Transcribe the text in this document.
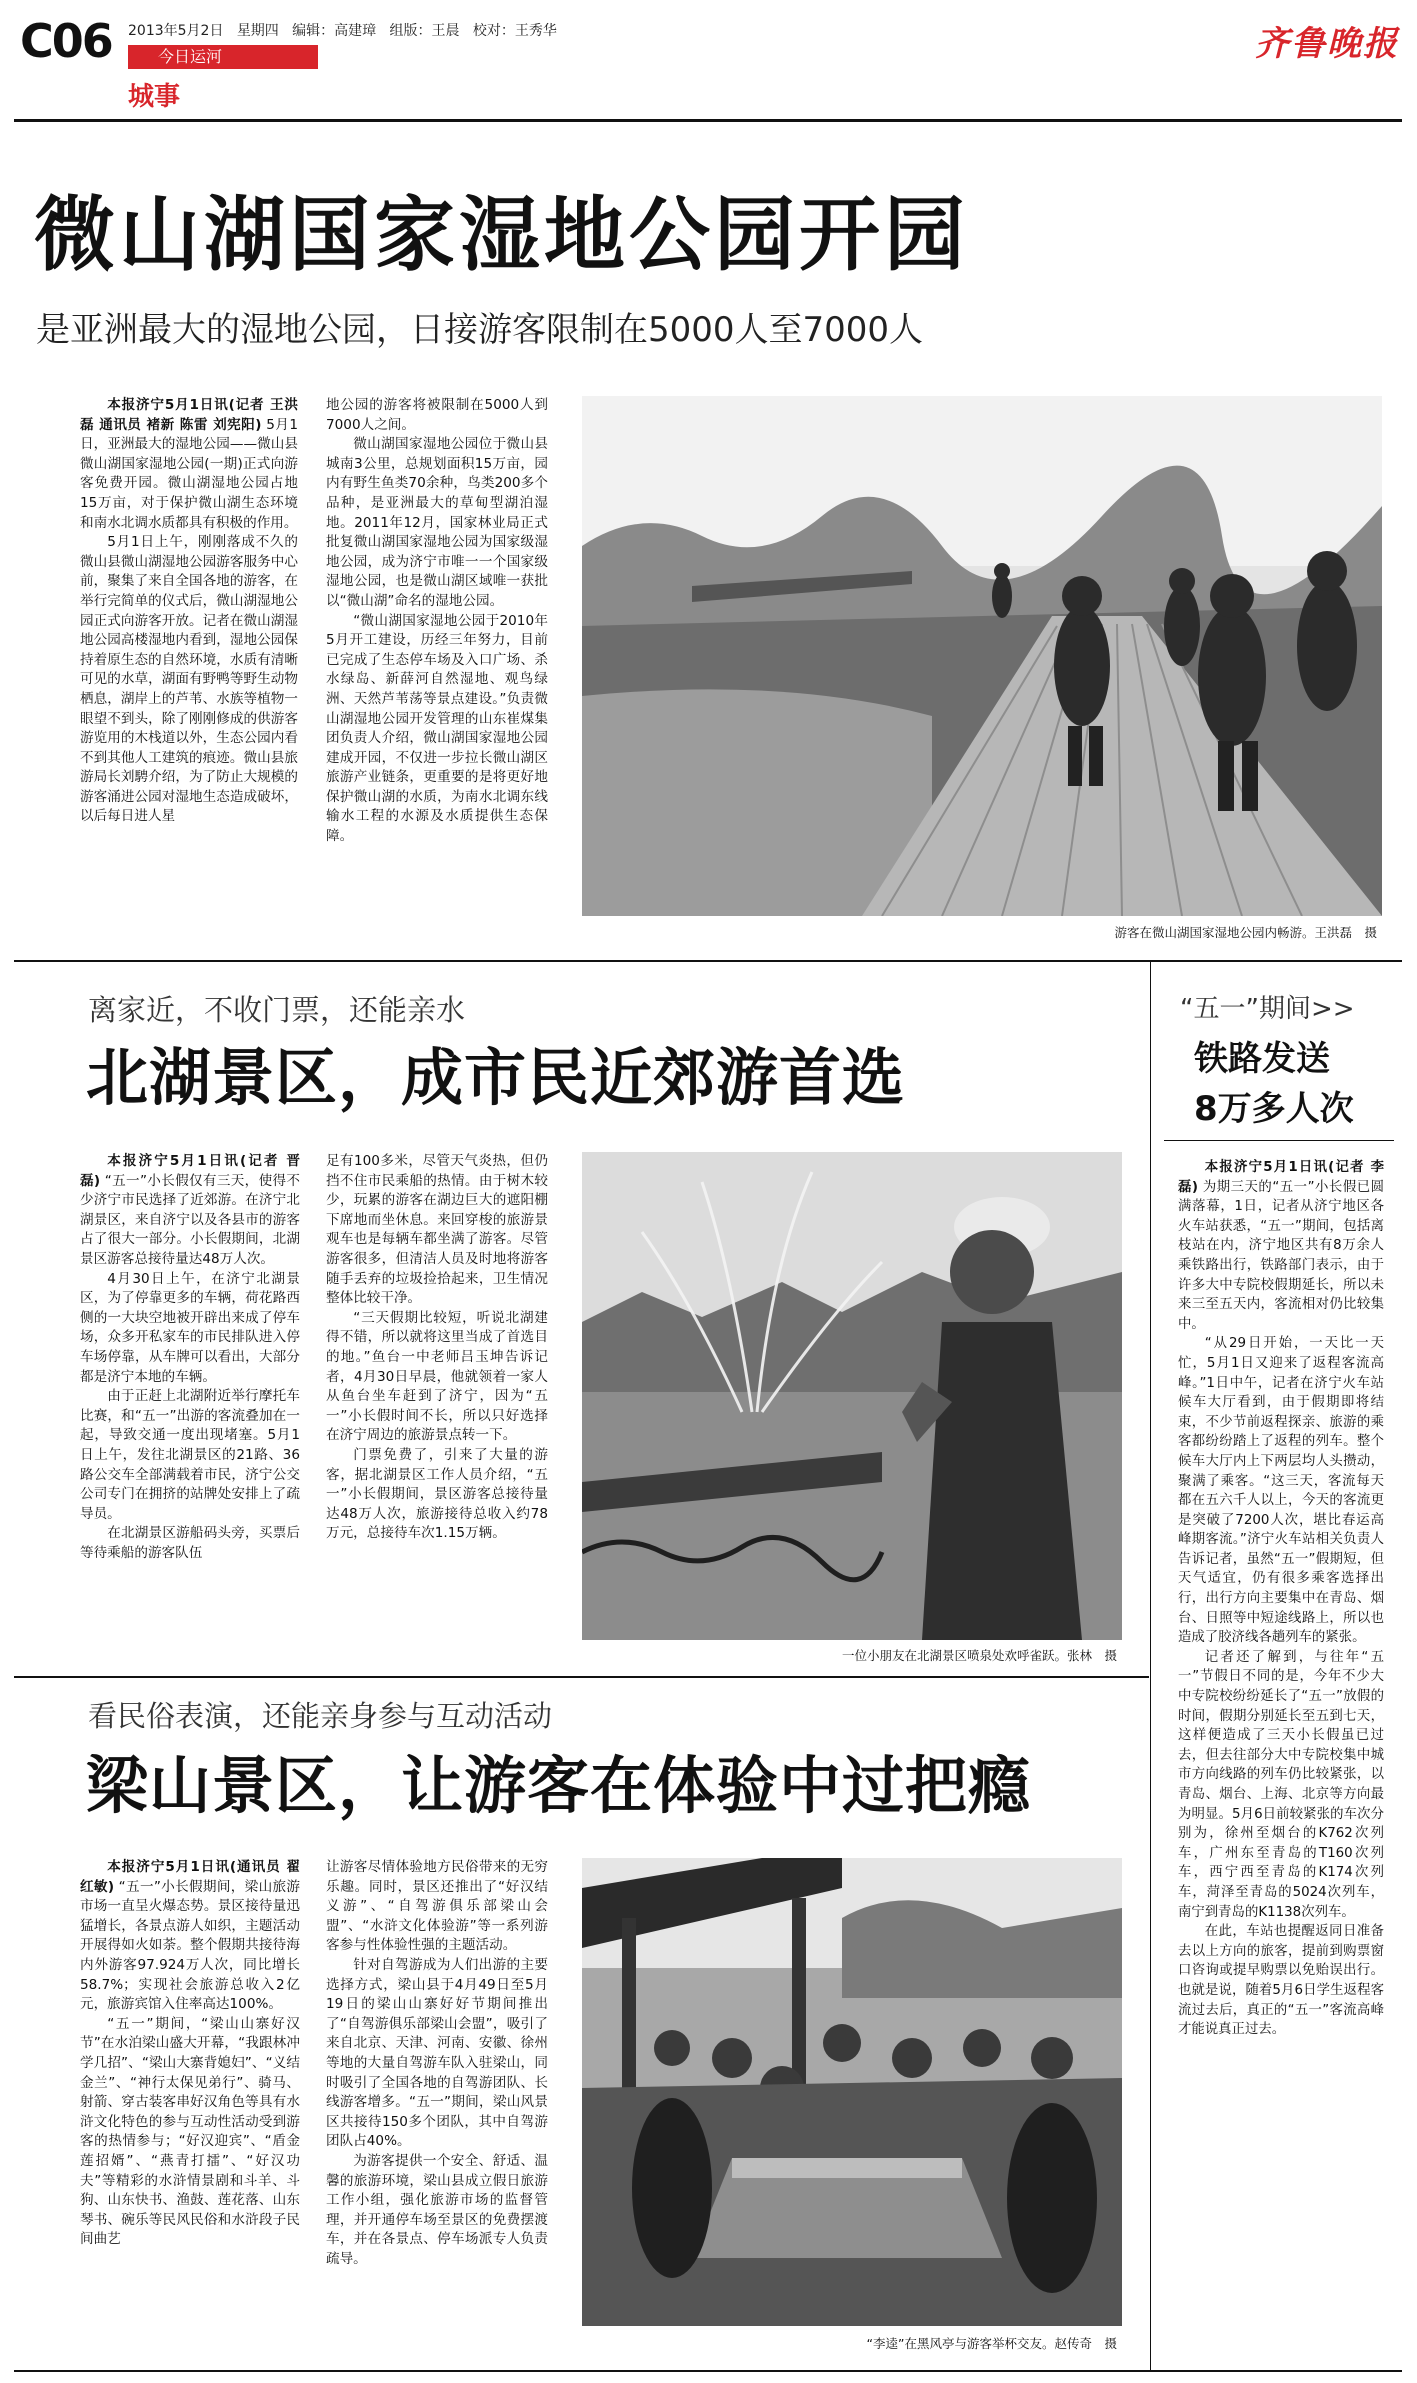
C06 2013年5月2日 星期四 编辑：高建璋 组版：王晨 校对：王秀华
今日运河
城事
齐鲁晚报
微山湖国家湿地公园开园
是亚洲最大的湿地公园，日接游客限制在5000人至7000人

本报济宁5月1日讯(记者 王洪磊 通讯员 褚新 陈雷 刘宪阳) 5月1日，亚洲最大的湿地公园——微山县微山湖国家湿地公园(一期)正式向游客免费开园。微山湖湿地公园占地15万亩，对于保护微山湖生态环境和南水北调水质都具有积极的作用。

5月1日上午，刚刚落成不久的微山县微山湖湿地公园游客服务中心前，聚集了来自全国各地的游客，在举行完简单的仪式后，微山湖湿地公园正式向游客开放。记者在微山湖湿地公园高楼湿地内看到，湿地公园保持着原生态的自然环境，水质有清晰可见的水草，湖面有野鸭等野生动物栖息，湖岸上的芦苇、水族等植物一眼望不到头，除了刚刚修成的供游客游览用的木栈道以外，生态公园内看不到其他人工建筑的痕迹。微山县旅游局长刘騁介绍，为了防止大规模的游客涌进公园对湿地生态造成破坏，以后每日进人星

地公园的游客将被限制在5000人到7000人之间。

微山湖国家湿地公园位于微山县城南3公里，总规划面积15万亩，园内有野生鱼类70余种，鸟类200多个品种，是亚洲最大的草甸型湖泊湿地。2011年12月，国家林业局正式批复微山湖国家湿地公园为国家级湿地公园，成为济宁市唯一一个国家级湿地公园，也是微山湖区域唯一获批以“微山湖”命名的湿地公园。

“微山湖国家湿地公园于2010年5月开工建设，历经三年努力，目前已完成了生态停车场及入口广场、杀水绿岛、新薛河自然湿地、观鸟绿洲、天然芦苇荡等景点建设。”负责微山湖湿地公园开发管理的山东崔煤集团负责人介绍，微山湖国家湿地公园建成开园，不仅进一步拉长微山湖区旅游产业链条，更重要的是将更好地保护微山湖的水质，为南水北调东线输水工程的水源及水质提供生态保障。

游客在微山湖国家湿地公园内畅游。王洪磊　摄
离家近，不收门票，还能亲水
北湖景区，成市民近郊游首选

本报济宁5月1日讯(记者 晋磊) “五一”小长假仅有三天，使得不少济宁市民选择了近郊游。在济宁北湖景区，来自济宁以及各县市的游客占了很大一部分。小长假期间，北湖景区游客总接待量达48万人次。

4月30日上午，在济宁北湖景区，为了停靠更多的车辆，荷花路西侧的一大块空地被开辟出来成了停车场，众多开私家车的市民排队进入停车场停靠，从车牌可以看出，大部分都是济宁本地的车辆。

由于正赶上北湖附近举行摩托车比赛，和“五一”出游的客流叠加在一起，导致交通一度出现堵塞。5月1日上午，发往北湖景区的21路、36路公交车全部满载着市民，济宁公交公司专门在拥挤的站牌处安排上了疏导员。

在北湖景区游船码头旁，买票后等待乘船的游客队伍

足有100多米，尽管天气炎热，但仍挡不住市民乘船的热情。由于树木较少，玩累的游客在湖边巨大的遮阳棚下席地而坐休息。来回穿梭的旅游景观车也是每辆车都坐满了游客。尽管游客很多，但清洁人员及时地将游客随手丢弃的垃圾捡拾起来，卫生情况整体比较干净。

“三天假期比较短，听说北湖建得不错，所以就将这里当成了首选目的地。”鱼台一中老师吕玉坤告诉记者，4月30日早晨，他就领着一家人从鱼台坐车赶到了济宁，因为“五一”小长假时间不长，所以只好选择在济宁周边的旅游景点转一下。

门票免费了，引来了大量的游客，据北湖景区工作人员介绍，“五一”小长假期间，景区游客总接待量达48万人次，旅游接待总收入约78万元，总接待车次1.15万辆。

一位小朋友在北湖景区喷泉处欢呼雀跃。张林　摄
看民俗表演，还能亲身参与互动活动
梁山景区，让游客在体验中过把瘾

本报济宁5月1日讯(通讯员 翟红敏) “五一”小长假期间，梁山旅游市场一直呈火爆态势。景区接待量迅猛增长，各景点游人如织，主题活动开展得如火如荼。整个假期共接待海内外游客97.924万人次，同比增长58.7%；实现社会旅游总收入2亿元，旅游宾馆入住率高达100%。

“五一”期间，“梁山山寨好汉节”在水泊梁山盛大开幕，“我跟林冲学几招”、“梁山大寨背媳妇”、“义结金兰”、“神行太保见弟行”、骑马、射箭、穿古装客串好汉角色等具有水浒文化特色的参与互动性活动受到游客的热情参与；“好汉迎宾”、“盾金莲招婿”、“燕青打擂”、“好汉功夫”等精彩的水浒情景剧和斗羊、斗狗、山东快书、渔鼓、莲花落、山东琴书、碗乐等民风民俗和水浒段子民间曲艺

让游客尽情体验地方民俗带来的无穷乐趣。同时，景区还推出了“好汉结义游”、“自驾游俱乐部梁山会盟”、“水浒文化体验游”等一系列游客参与性体验性强的主题活动。

针对自驾游成为人们出游的主要选择方式，梁山县于4月49日至5月19日的梁山山寨好好节期间推出了“自驾游俱乐部梁山会盟”，吸引了来自北京、天津、河南、安徽、徐州等地的大量自驾游车队入驻梁山，同时吸引了全国各地的自驾游团队、长线游客增多。“五一”期间，梁山风景区共接待150多个团队，其中自驾游团队占40%。

为游客提供一个安全、舒适、温馨的旅游环境，梁山县成立假日旅游工作小组，强化旅游市场的监督管理，并开通停车场至景区的免费摆渡车，并在各景点、停车场派专人负责疏导。

“李逵”在黑风亭与游客举杯交友。赵传奇　摄
“五一”期间>>
铁路发送
8万多人次

本报济宁5月1日讯(记者 李磊) 为期三天的“五一”小长假已圆满落幕，1日，记者从济宁地区各火车站获悉，“五一”期间，包括离枝站在内，济宁地区共有8万余人乘铁路出行，铁路部门表示，由于许多大中专院校假期延长，所以未来三至五天内，客流相对仍比较集中。

“从29日开始，一天比一天忙，5月1日又迎来了返程客流高峰。”1日中午，记者在济宁火车站候车大厅看到，由于假期即将结束，不少节前返程探亲、旅游的乘客都纷纷踏上了返程的列车。整个候车大厅内上下两层均人头攒动，聚满了乘客。“这三天，客流每天都在五六千人以上，今天的客流更是突破了7200人次，堪比春运高峰期客流。”济宁火车站相关负责人告诉记者，虽然“五一”假期短，但天气适宜，仍有很多乘客选择出行，出行方向主要集中在青岛、烟台、日照等中短途线路上，所以也造成了胶济线各趟列车的紧张。

记者还了解到，与往年“五一”节假日不同的是，今年不少大中专院校纷纷延长了“五一”放假的时间，假期分别延长至五到七天，这样便造成了三天小长假虽已过去，但去往部分大中专院校集中城市方向线路的列车仍比较紧张，以青岛、烟台、上海、北京等方向最为明显。5月6日前较紧张的车次分别为，徐州至烟台的K762次列车，广州东至青岛的T160次列车，西宁西至青岛的K174次列车，菏泽至青岛的5024次列车，南宁到青岛的K1138次列车。

在此，车站也提醒返同日准备去以上方向的旅客，提前到购票窗口咨询或提早购票以免贻误出行。也就是说，随着5月6日学生返程客流过去后，真正的“五一”客流高峰才能说真正过去。
